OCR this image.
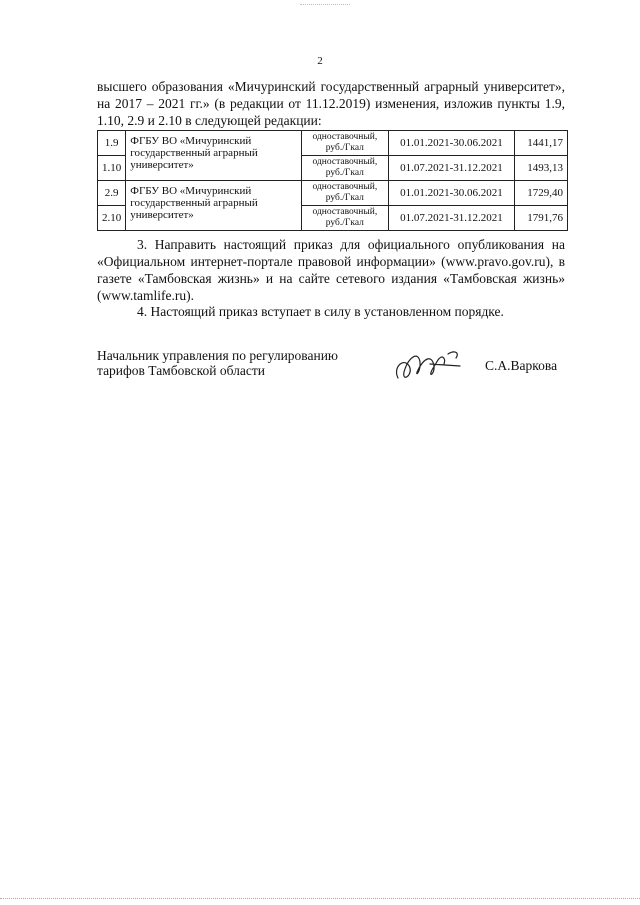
2
высшего образования «Мичуринский государственный аграрный университет»,
на 2017 – 2021 гг.» (в редакции от 11.12.2019) изменения, изложив пункты 1.9,
1.10, 2.9 и 2.10 в следующей редакции:
1.9	ФГБУ ВО «Мичуринский государственный аграрный университет»	одноставочный, руб./Гкал	01.01.2021-30.06.2021	1441,17
1.10		одноставочный, руб./Гкал	01.07.2021-31.12.2021	1493,13
2.9	ФГБУ ВО «Мичуринский государственный аграрный университет»	одноставочный, руб./Гкал	01.01.2021-30.06.2021	1729,40
2.10		одноставочный, руб./Гкал	01.07.2021-31.12.2021	1791,76
3. Направить настоящий приказ для официального опубликования на «Официальном интернет-портале правовой информации» (www.pravo.gov.ru), в газете «Тамбовская жизнь» и на сайте сетевого издания «Тамбовская жизнь» (www.tamlife.ru).
4. Настоящий приказ вступает в силу в установленном порядке.
Начальник управления по регулированию
тарифов Тамбовской области	С.А.Варкова
